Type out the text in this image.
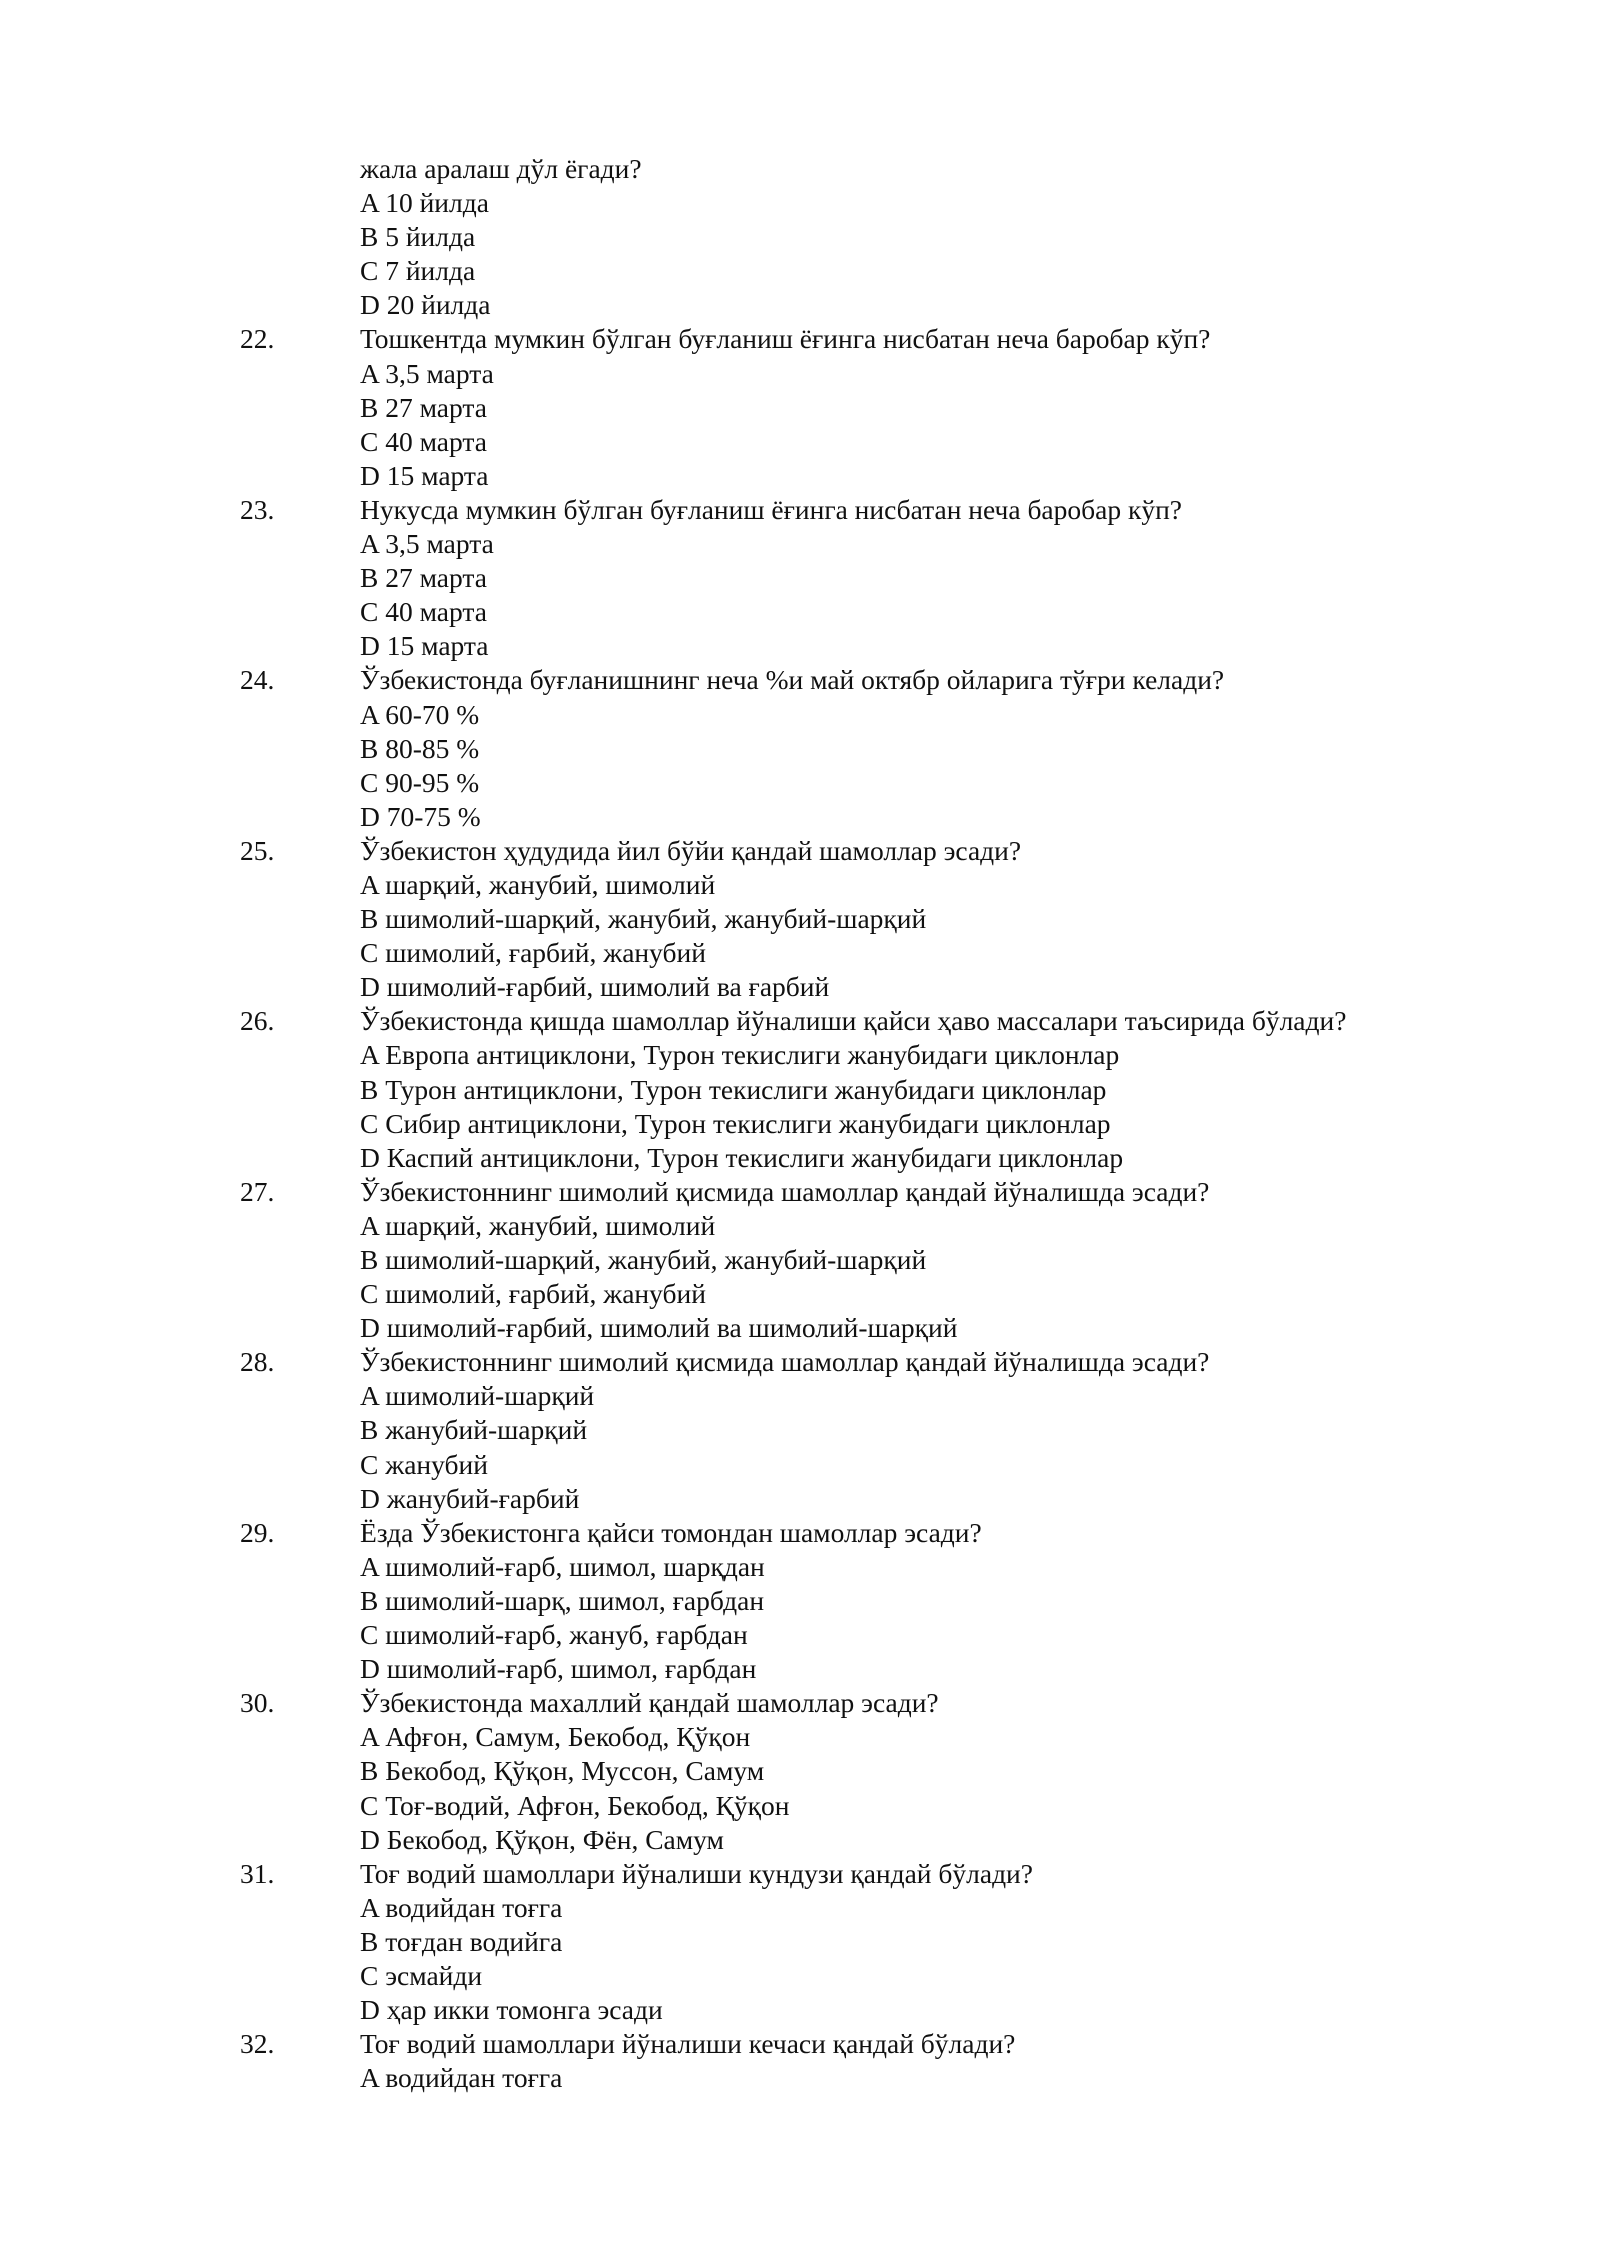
жала аралаш дўл ёгади?
A 10 йилда
B 5 йилда
C 7 йилда
D 20 йилда
22.	Тошкентда мумкин бўлган буғланиш ёғинга нисбатан неча баробар кўп?
A 3,5 марта
B 27 марта
C 40 марта
D 15 марта
23.	Нукусда мумкин бўлган буғланиш ёғинга нисбатан неча баробар кўп?
A 3,5 марта
B 27 марта
C 40 марта
D 15 марта
24.	Ўзбекистонда буғланишнинг неча %и май октябр ойларига тўғри келади?
A 60-70 %
B 80-85 %
C 90-95 %
D 70-75 %
25.	Ўзбекистон ҳудудида йил бўйи қандай шамоллар эсади?
A шарқий, жанубий, шимолий
B шимолий-шарқий, жанубий, жанубий-шарқий
C шимолий, ғарбий, жанубий
D шимолий-ғарбий, шимолий ва ғарбий
26.	Ўзбекистонда қишда шамоллар йўналиши қайси ҳаво массалари таъсирида бўлади?
A Европа антициклони, Турон текислиги жанубидаги циклонлар
B Турон антициклони, Турон текислиги жанубидаги циклонлар
C Сибир антициклони, Турон текислиги жанубидаги циклонлар
D Каспий антициклони, Турон текислиги жанубидаги циклонлар
27.	Ўзбекистоннинг шимолий қисмида шамоллар қандай йўналишда эсади?
A шарқий, жанубий, шимолий
B шимолий-шарқий, жанубий, жанубий-шарқий
C шимолий, ғарбий, жанубий
D шимолий-ғарбий, шимолий ва шимолий-шарқий
28.	Ўзбекистоннинг шимолий қисмида шамоллар қандай йўналишда эсади?
A шимолий-шарқий
B жанубий-шарқий
C жанубий
D жанубий-ғарбий
29.	Ёзда Ўзбекистонга қайси томондан шамоллар эсади?
A шимолий-ғарб, шимол, шарқдан
B шимолий-шарқ, шимол, ғарбдан
C шимолий-ғарб, жануб, ғарбдан
D шимолий-ғарб, шимол, ғарбдан
30.	Ўзбекистонда махаллий қандай шамоллар эсади?
A Афғон, Самум, Бекобод, Қўқон
B Бекобод, Қўқон, Муссон, Самум
C Тоғ-водий, Афғон, Бекобод, Қўқон
D Бекобод, Қўқон, Фён, Самум
31.	Тоғ водий шамоллари йўналиши кундузи қандай бўлади?
A водийдан тоғга
B тоғдан водийга
C эсмайди
D ҳар икки томонга эсади
32.	Тоғ водий шамоллари йўналиши кечаси қандай бўлади?
A водийдан тоғга
